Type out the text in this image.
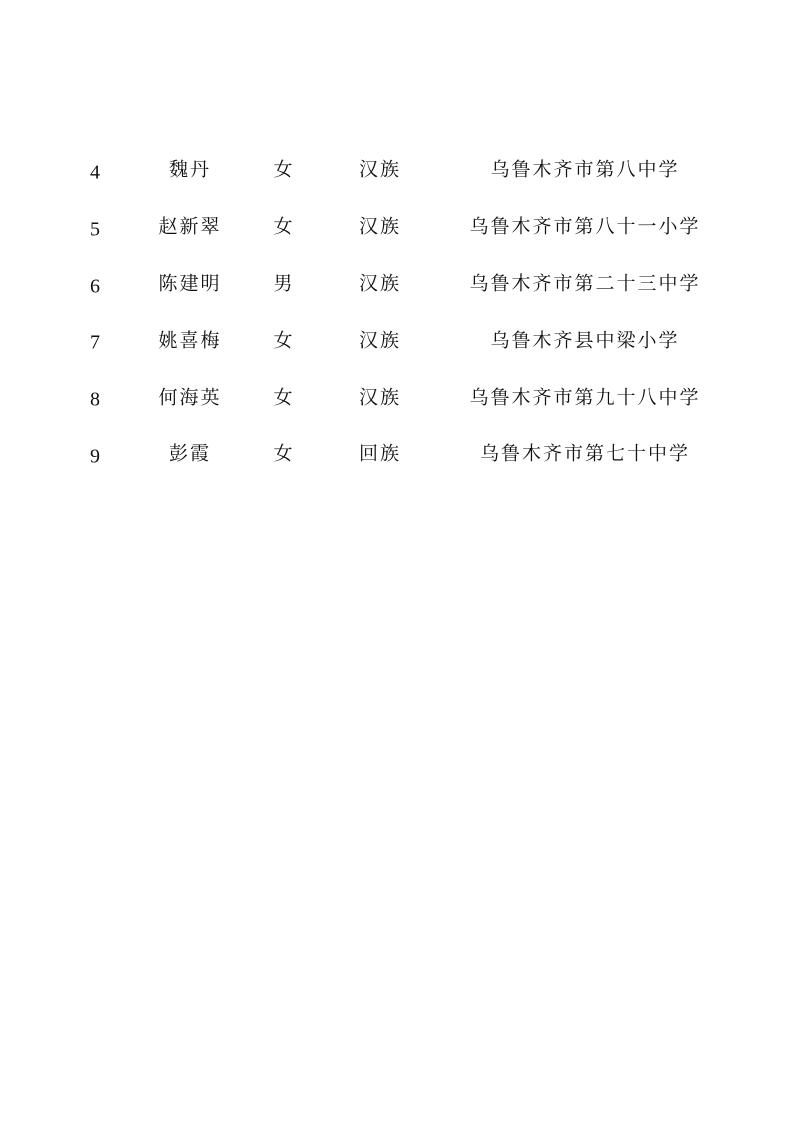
4	魏丹	女	汉族	乌鲁木齐市第八中学
5	赵新翠	女	汉族	乌鲁木齐市第八十一小学
6	陈建明	男	汉族	乌鲁木齐市第二十三中学
7	姚喜梅	女	汉族	乌鲁木齐县中梁小学
8	何海英	女	汉族	乌鲁木齐市第九十八中学
9	彭霞	女	回族	乌鲁木齐市第七十中学
